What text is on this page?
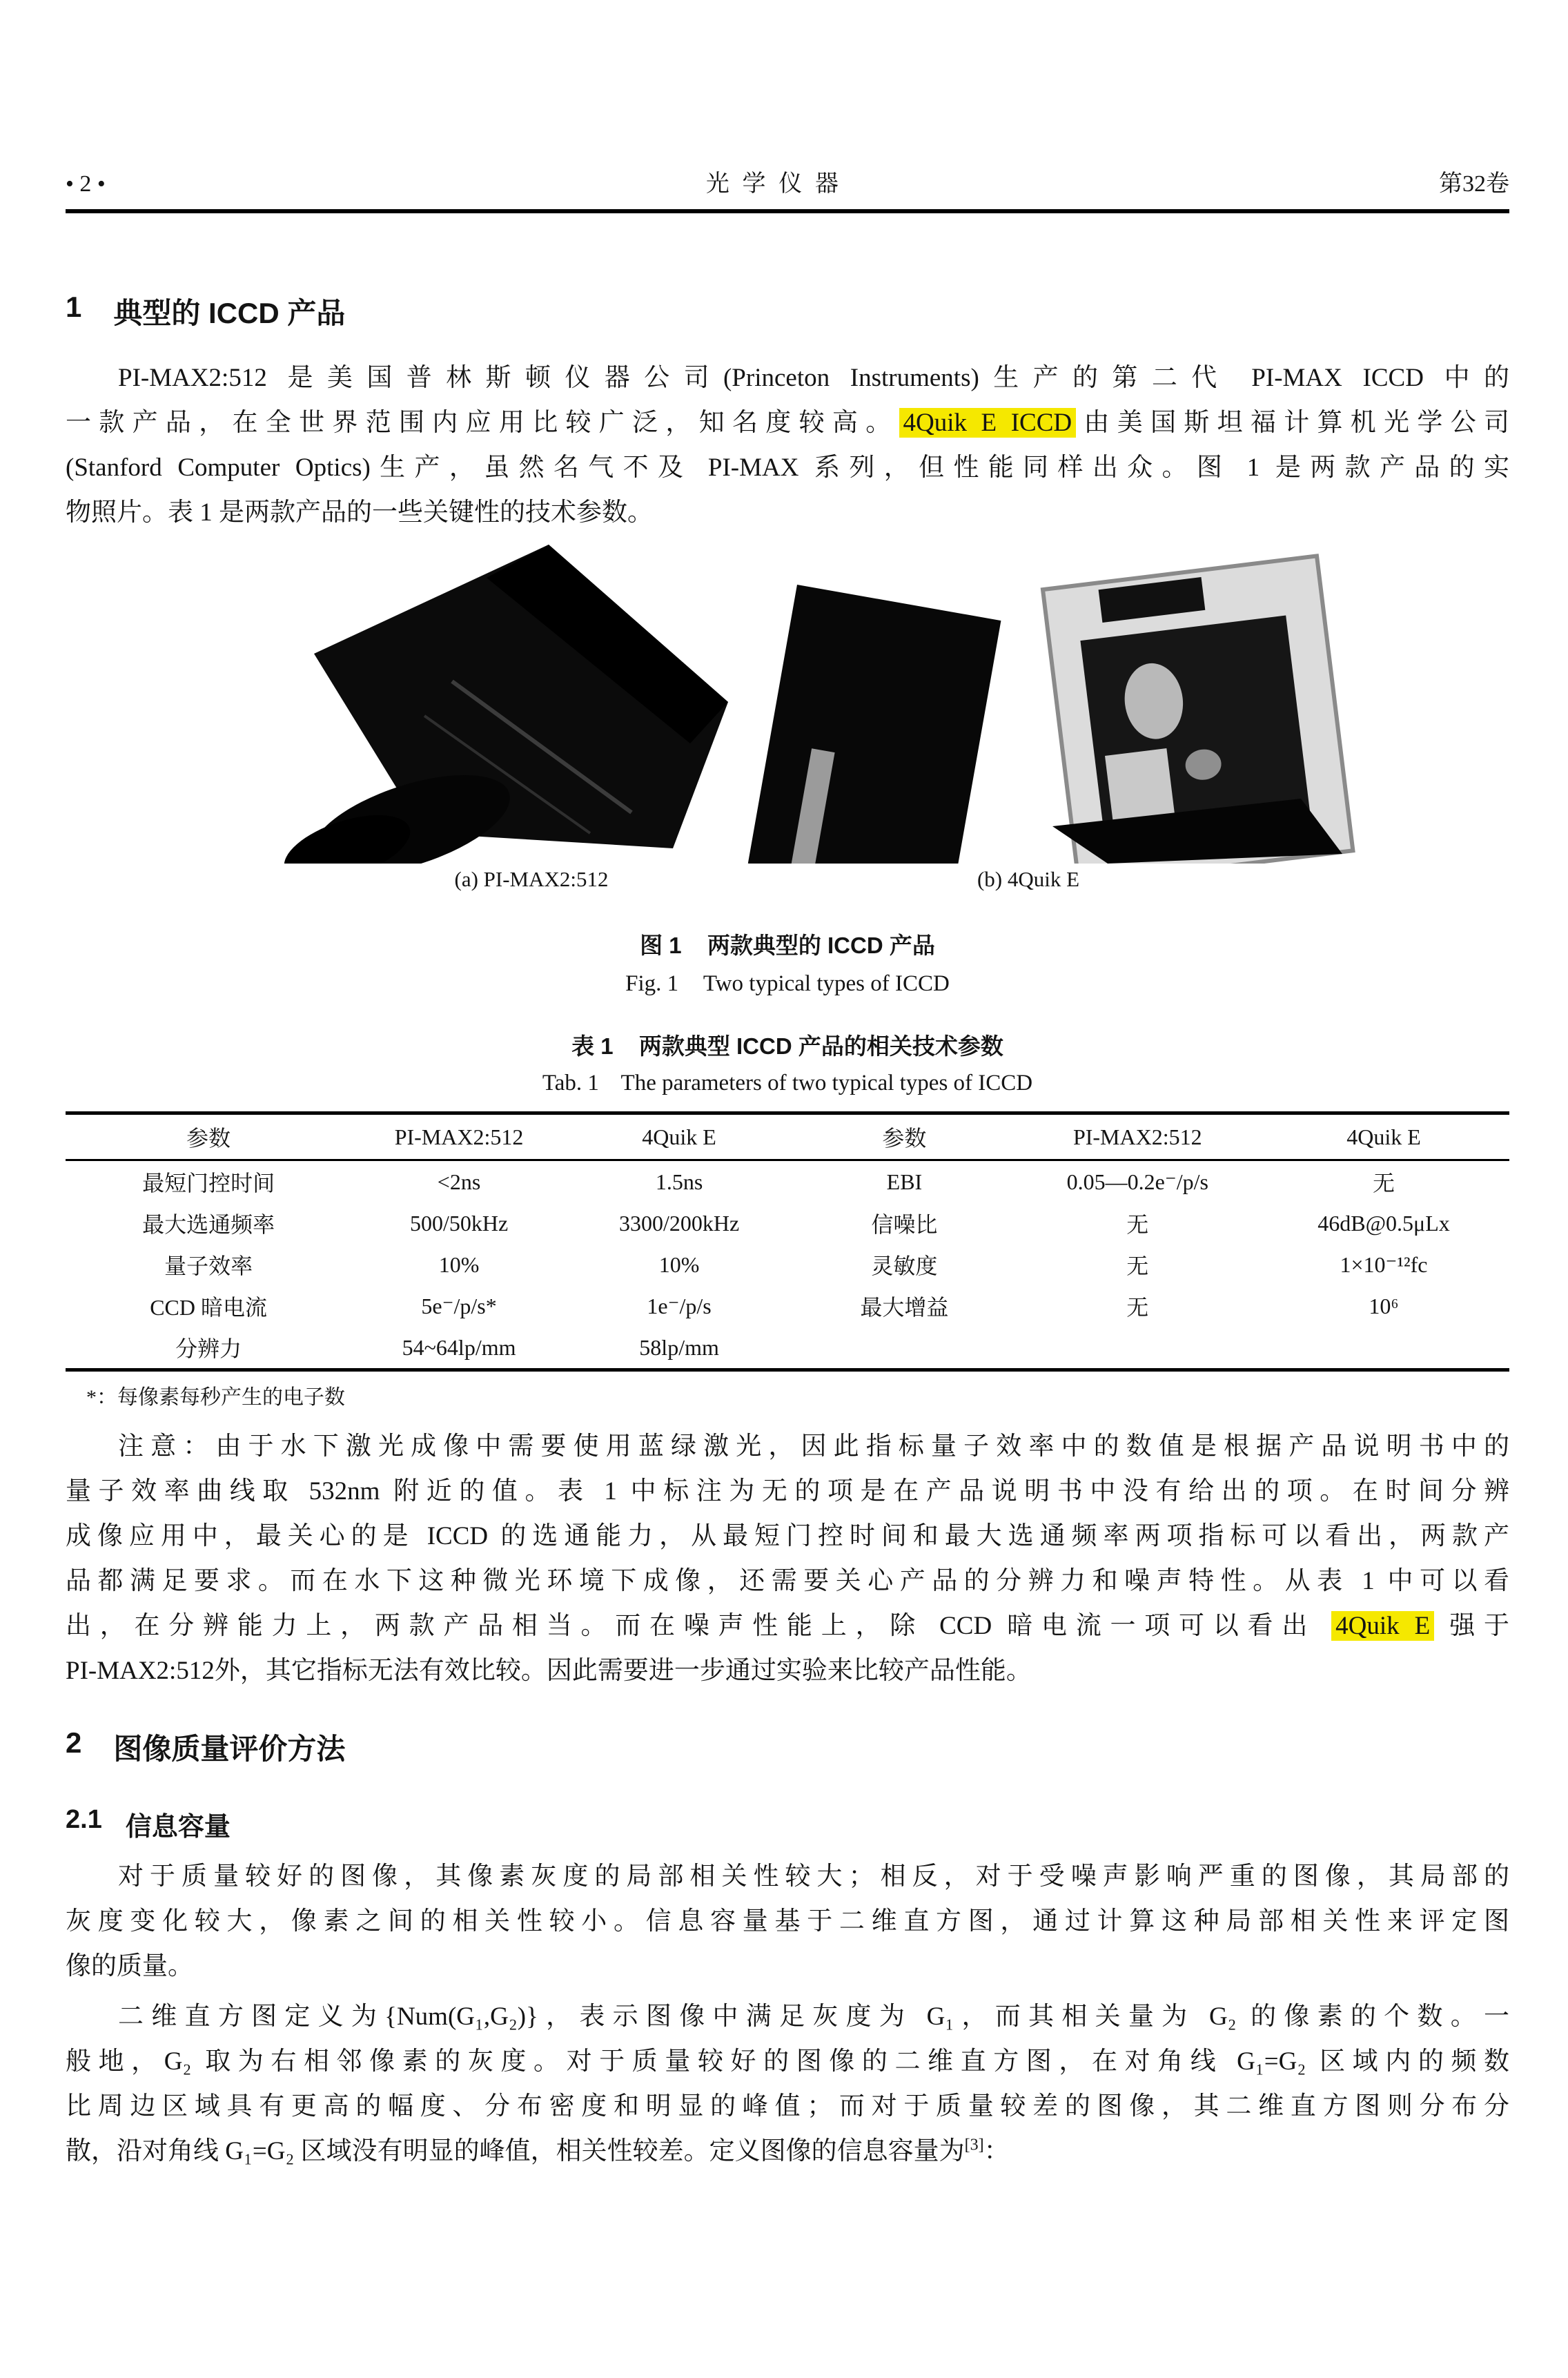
• 2 •	光学仪器	第32卷
1 典型的 ICCD 产品
PI-MAX2:512 是美国普林斯顿仪器公司(Princeton Instruments)生产的第二代 PI-MAX ICCD 中的
一款产品，在全世界范围内应用比较广泛，知名度较高。 4Quik E ICCD 由美国斯坦福计算机光学公司
(Stanford Computer Optics)生产，虽然名气不及 PI-MAX 系列，但性能同样出众。图 1 是两款产品的实
物照片。表 1 是两款产品的一些关键性的技术参数。
(a) PI-MAX2:512	(b) 4Quik E
图 1 两款典型的 ICCD 产品
Fig. 1 Two typical types of ICCD
表 1 两款典型 ICCD 产品的相关技术参数
Tab. 1 The parameters of two typical types of ICCD
参数	PI-MAX2:512	4Quik E	参数	PI-MAX2:512	4Quik E
最短门控时间	<2ns	1.5ns	EBI	0.05—0.2e⁻/p/s	无
最大选通频率	500/50kHz	3300/200kHz	信噪比	无	46dB@0.5μLx
量子效率	10%	10%	灵敏度	无	1×10⁻¹²fc
CCD 暗电流	5e⁻/p/s*	1e⁻/p/s	最大增益	无	10⁶
分辨力	54~64lp/mm	58lp/mm			
*：每像素每秒产生的电子数
注意：由于水下激光成像中需要使用蓝绿激光，因此指标量子效率中的数值是根据产品说明书中的
量子效率曲线取 532nm 附近的值。表 1 中标注为无的项是在产品说明书中没有给出的项。在时间分辨
成像应用中，最关心的是 ICCD 的选通能力，从最短门控时间和最大选通频率两项指标可以看出，两款产
品都满足要求。而在水下这种微光环境下成像，还需要关心产品的分辨力和噪声特性。从表 1 中可以看
出，在分辨能力上，两款产品相当。而在噪声性能上，除 CCD 暗电流一项可以看出 4Quik E 强于
PI-MAX2:512外，其它指标无法有效比较。因此需要进一步通过实验来比较产品性能。
2 图像质量评价方法
2.1 信息容量
对于质量较好的图像，其像素灰度的局部相关性较大；相反，对于受噪声影响严重的图像，其局部的
灰度变化较大，像素之间的相关性较小。信息容量基于二维直方图，通过计算这种局部相关性来评定图
像的质量。
二维直方图定义为{Num(G₁,G₂)}，表示图像中满足灰度为 G₁，而其相关量为 G₂ 的像素的个数。一
般地，G₂ 取为右相邻像素的灰度。对于质量较好的图像的二维直方图，在对角线 G₁=G₂ 区域内的频数
比周边区域具有更高的幅度、分布密度和明显的峰值；而对于质量较差的图像，其二维直方图则分布分
散，沿对角线 G₁=G₂ 区域没有明显的峰值，相关性较差。定义图像的信息容量为[3]：
